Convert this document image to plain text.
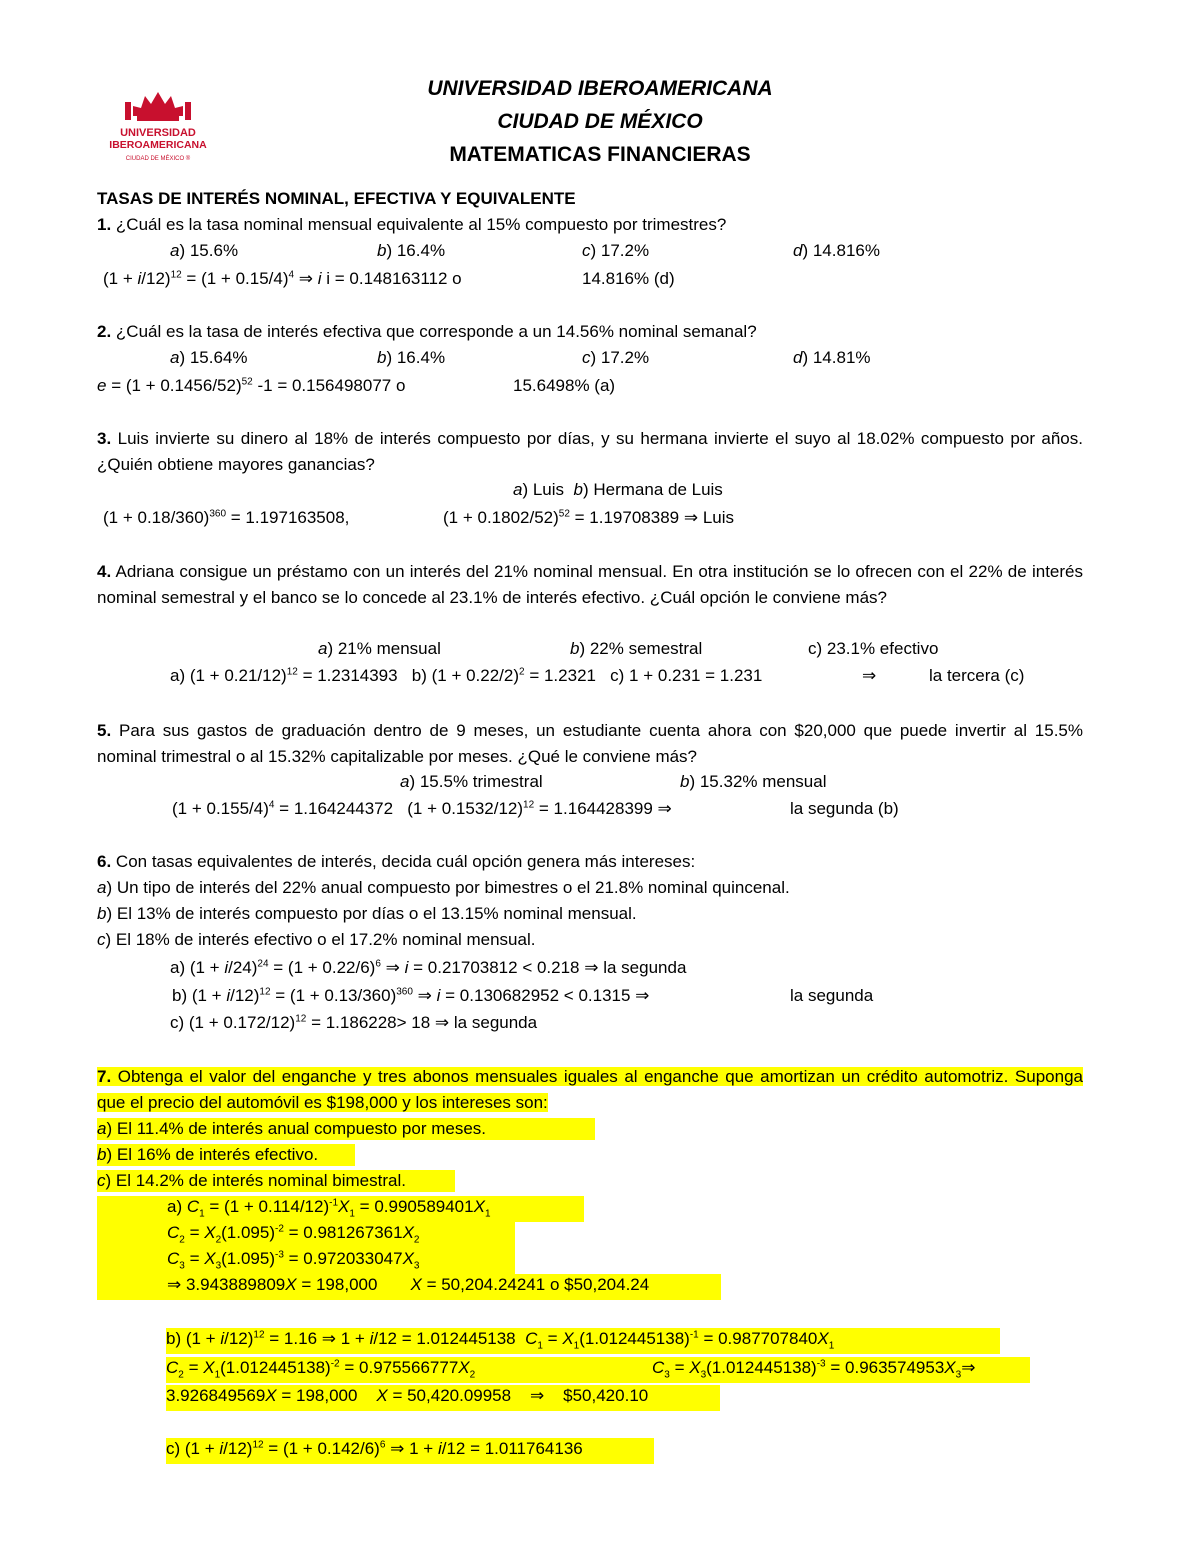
UNIVERSIDAD
IBEROAMERICANA
CIUDAD DE MÉXICO ®
UNIVERSIDAD IBEROAMERICANA
CIUDAD DE MÉXICO
MATEMATICAS FINANCIERAS
TASAS DE INTERÉS NOMINAL, EFECTIVA Y EQUIVALENTE
1. ¿Cuál es la tasa nominal mensual equivalente al 15% compuesto por trimestres?
a) 15.6%	b) 16.4%	c) 17.2%	d) 14.816%
$(1 + i/12)^{12} = (1 + 0.15/4)^4$ ⇒ i i = 0.148163112 o	14.816% (d)
2. ¿Cuál es la tasa de interés efectiva que corresponde a un 14.56% nominal semanal?
a) 15.64%	b) 16.4%	c) 17.2%	d) 14.81%
$e = (1 + 0.1456/52)^{52}$ -1 = 0.156498077 o	15.6498% (a)
3. Luis invierte su dinero al 18% de interés compuesto por días, y su hermana invierte el suyo al 18.02% compuesto por años. ¿Quién obtiene mayores ganancias?
a) Luis b) Hermana de Luis
$(1 + 0.18/360)^{360} = 1.197163508$,	$(1 + 0.1802/52)^{52} = 1.19708389$ ⇒ Luis
4. Adriana consigue un préstamo con un interés del 21% nominal mensual. En otra institución se lo ofrecen con el 22% de interés nominal semestral y el banco se lo concede al 23.1% de interés efectivo. ¿Cuál opción le conviene más?
a) 21% mensual	b) 22% semestral	c) 23.1% efectivo
a) $(1 + 0.21/12)^{12} = 1.2314393$   b) $(1 + 0.22/2)^2 = 1.2321$ c) 1 + 0.231 = 1.231	⇒	la tercera (c)
5. Para sus gastos de graduación dentro de 9 meses, un estudiante cuenta ahora con $20,000 que puede invertir al 15.5% nominal trimestral o al 15.32% capitalizable por meses. ¿Qué le conviene más?
a) 15.5% trimestral	b) 15.32% mensual
$(1 + 0.155/4)^4 = 1.164244372$   $(1 + 0.1532/12)^{12} = 1.164428399$ ⇒	la segunda (b)
6. Con tasas equivalentes de interés, decida cuál opción genera más intereses:
a) Un tipo de interés del 22% anual compuesto por bimestres o el 21.8% nominal quincenal.
b) El 13% de interés compuesto por días o el 13.15% nominal mensual.
c) El 18% de interés efectivo o el 17.2% nominal mensual.
a) $(1 + i/24)^{24} = (1 + 0.22/6)^6$ ⇒ i = 0.21703812 < 0.218 ⇒ la segunda
b) $(1 + i/12)^{12} = (1 + 0.13/360)^{360}$ ⇒ i = 0.130682952 < 0.1315 ⇒	la segunda
c) $(1 + 0.172/12)^{12} = 1.186228> 18$ ⇒ la segunda
7. Obtenga el valor del enganche y tres abonos mensuales iguales al enganche que amortizan un crédito automotriz. Suponga que el precio del automóvil es $198,000 y los intereses son:
a) El 11.4% de interés anual compuesto por meses.
b) El 16% de interés efectivo.
c) El 14.2% de interés nominal bimestral.
a) $C_1 = (1 + 0.114/12)^{-1}X_1 = 0.990589401X_1$
$C_2 = X_2(1.095)^{-2} = 0.981267361X_2$
$C_3 = X_3(1.095)^{-3} = 0.972033047X_3$
⇒ 3.943889809X = 198,000 X = 50,204.24241 o $50,204.24
b) $(1 + i/12)^{12} = 1.16$ ⇒ 1 + i/12 = 1.012445138 $C_1 = X_1(1.012445138)^{-1} = 0.987707840X_1$
$C_2 = X_1(1.012445138)^{-2} = 0.975566777X_2$	$C_3 = X_3(1.012445138)^{-3}$ = $0.963574953X_3\Rightarrow$
3.926849569X = 198,000 X = 50,420.09958    ⇒    $50,420.10
c) $(1 + i/12)^{12} = (1 + 0.142/6)^6$ ⇒ 1 + i/12 = 1.011764136
